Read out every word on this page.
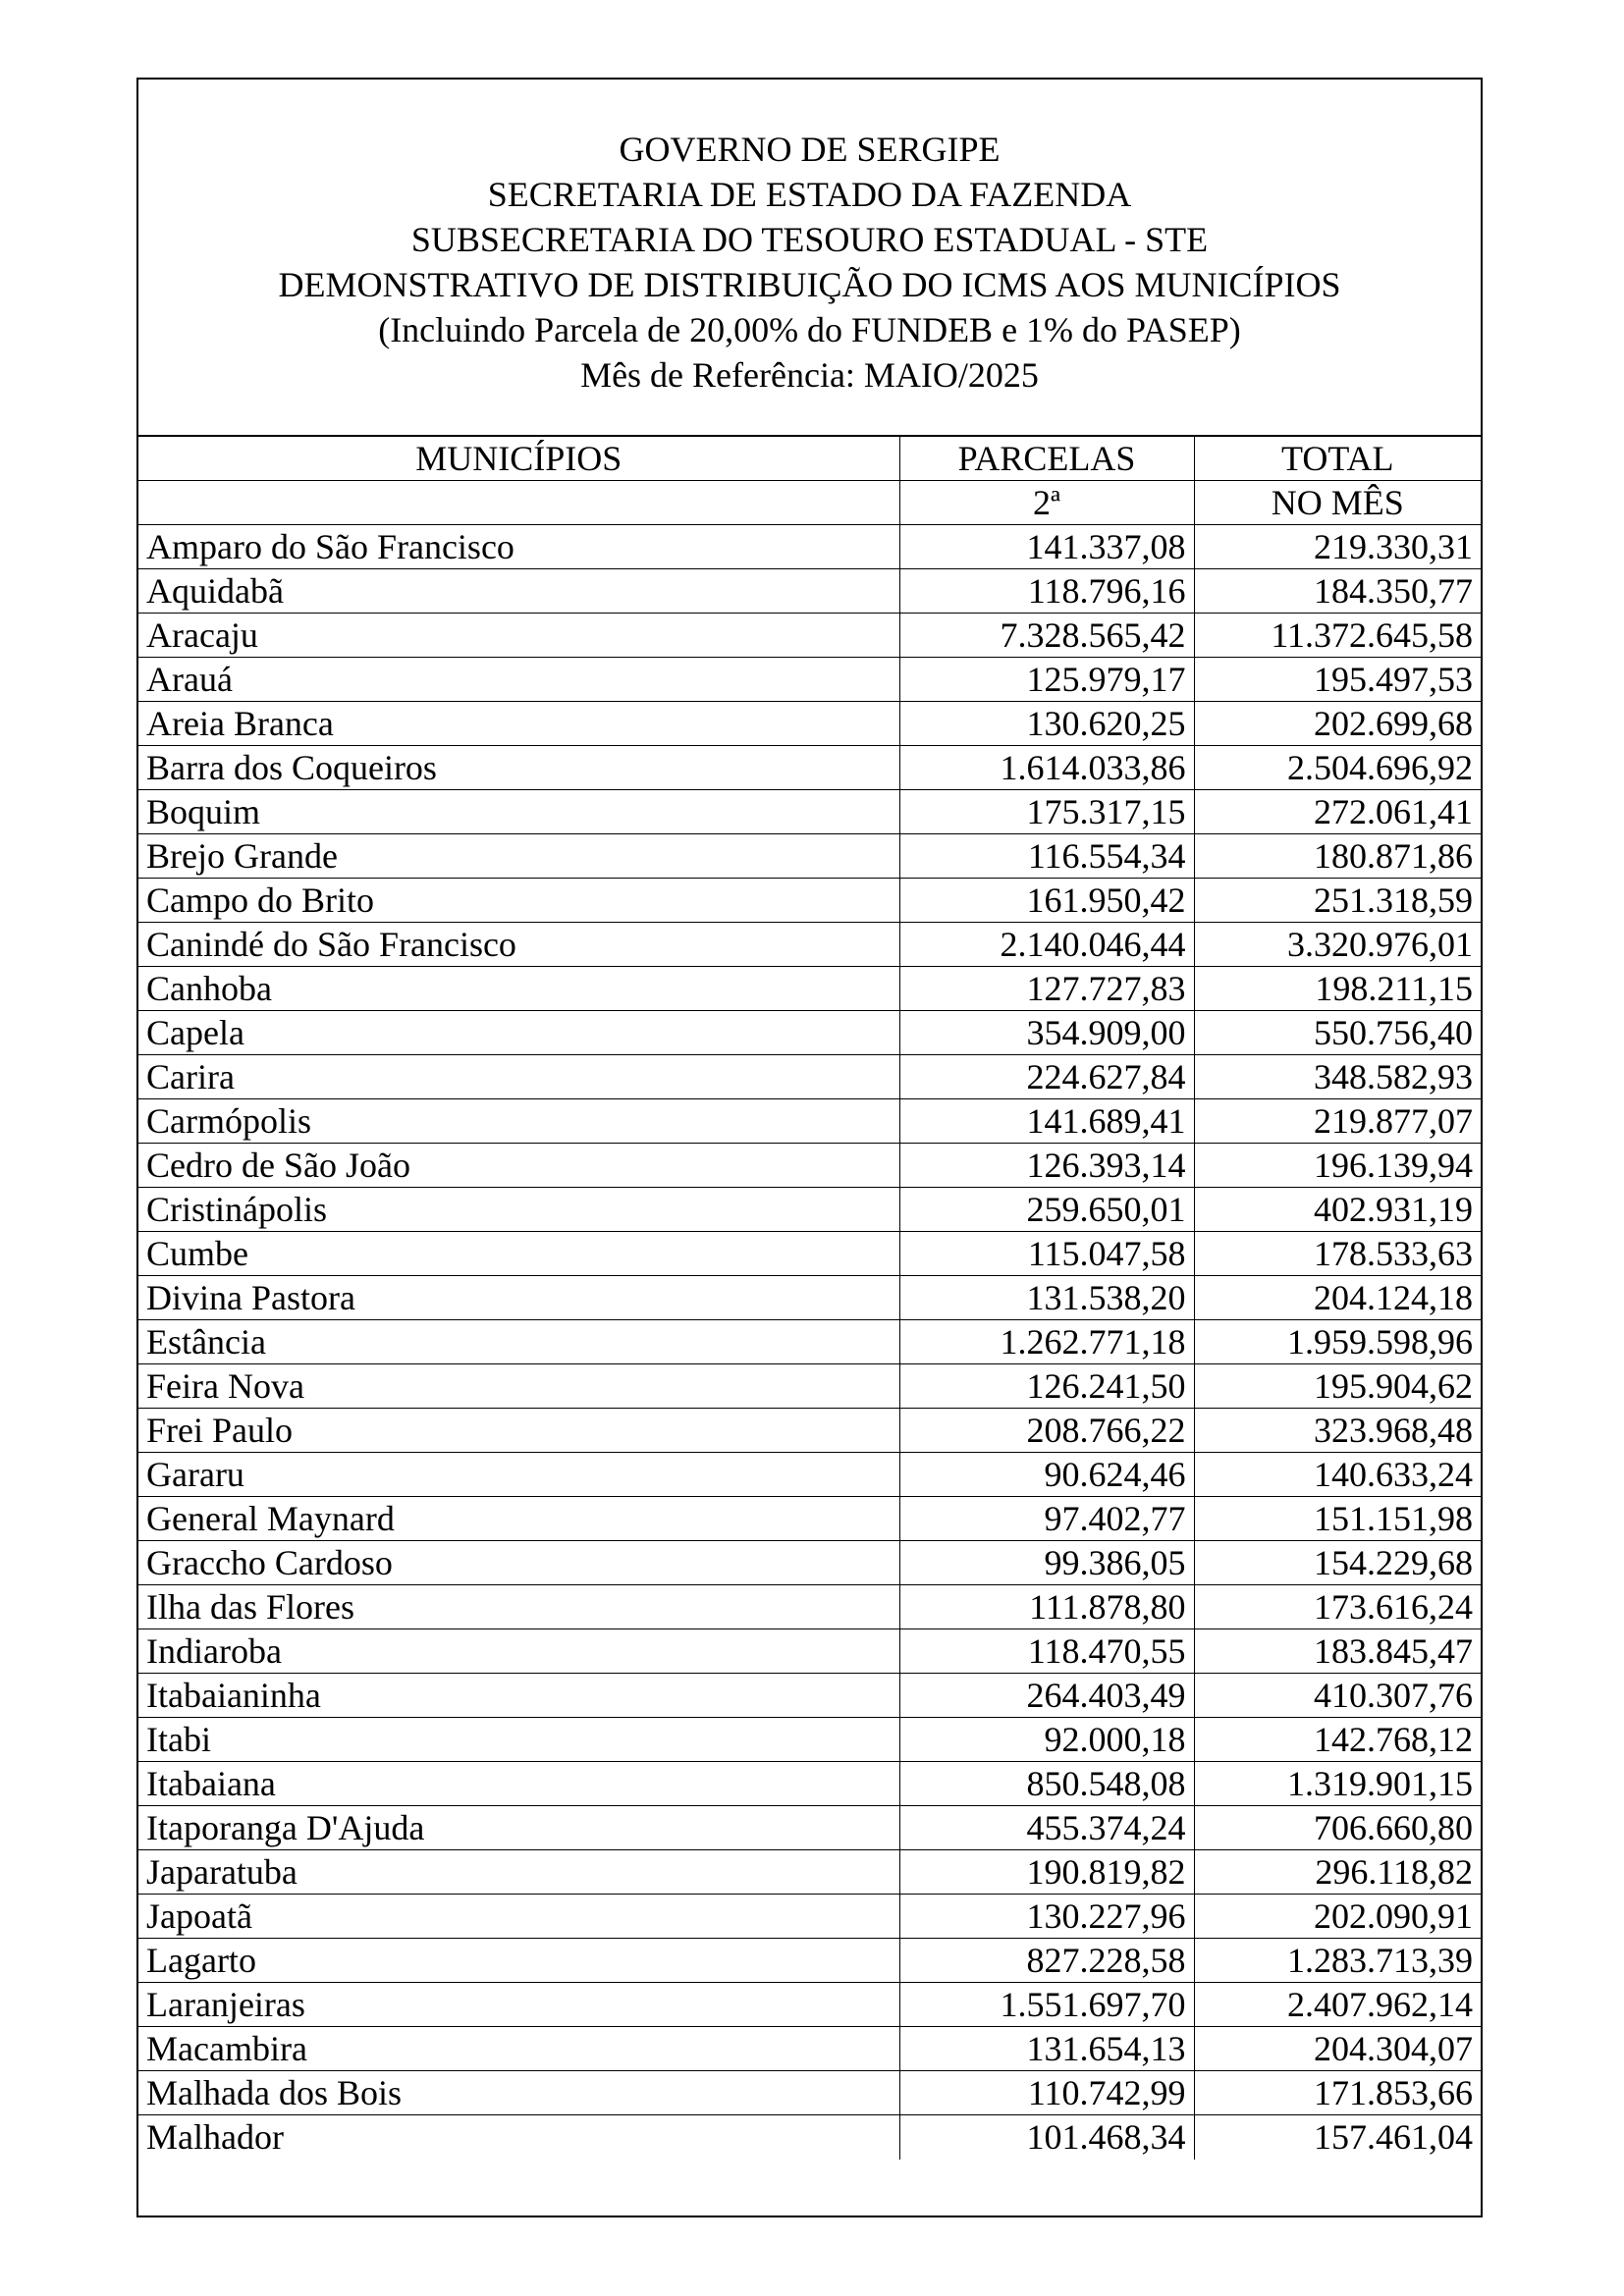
GOVERNO DE SERGIPE
SECRETARIA DE ESTADO DA FAZENDA
SUBSECRETARIA DO TESOURO ESTADUAL - STE
DEMONSTRATIVO DE DISTRIBUIÇÃO DO ICMS AOS MUNICÍPIOS
(Incluindo Parcela de 20,00% do FUNDEB e 1% do PASEP)
Mês de Referência: MAIO/2025
MUNICÍPIOS	PARCELAS	TOTAL
	2ª	NO MÊS
Amparo do São Francisco	141.337,08	219.330,31
Aquidabã	118.796,16	184.350,77
Aracaju	7.328.565,42	11.372.645,58
Arauá	125.979,17	195.497,53
Areia Branca	130.620,25	202.699,68
Barra dos Coqueiros	1.614.033,86	2.504.696,92
Boquim	175.317,15	272.061,41
Brejo Grande	116.554,34	180.871,86
Campo do Brito	161.950,42	251.318,59
Canindé do São Francisco	2.140.046,44	3.320.976,01
Canhoba	127.727,83	198.211,15
Capela	354.909,00	550.756,40
Carira	224.627,84	348.582,93
Carmópolis	141.689,41	219.877,07
Cedro de São João	126.393,14	196.139,94
Cristinápolis	259.650,01	402.931,19
Cumbe	115.047,58	178.533,63
Divina Pastora	131.538,20	204.124,18
Estância	1.262.771,18	1.959.598,96
Feira Nova	126.241,50	195.904,62
Frei Paulo	208.766,22	323.968,48
Gararu	90.624,46	140.633,24
General Maynard	97.402,77	151.151,98
Graccho Cardoso	99.386,05	154.229,68
Ilha das Flores	111.878,80	173.616,24
Indiaroba	118.470,55	183.845,47
Itabaianinha	264.403,49	410.307,76
Itabi	92.000,18	142.768,12
Itabaiana	850.548,08	1.319.901,15
Itaporanga D'Ajuda	455.374,24	706.660,80
Japaratuba	190.819,82	296.118,82
Japoatã	130.227,96	202.090,91
Lagarto	827.228,58	1.283.713,39
Laranjeiras	1.551.697,70	2.407.962,14
Macambira	131.654,13	204.304,07
Malhada dos Bois	110.742,99	171.853,66
Malhador	101.468,34	157.461,04
